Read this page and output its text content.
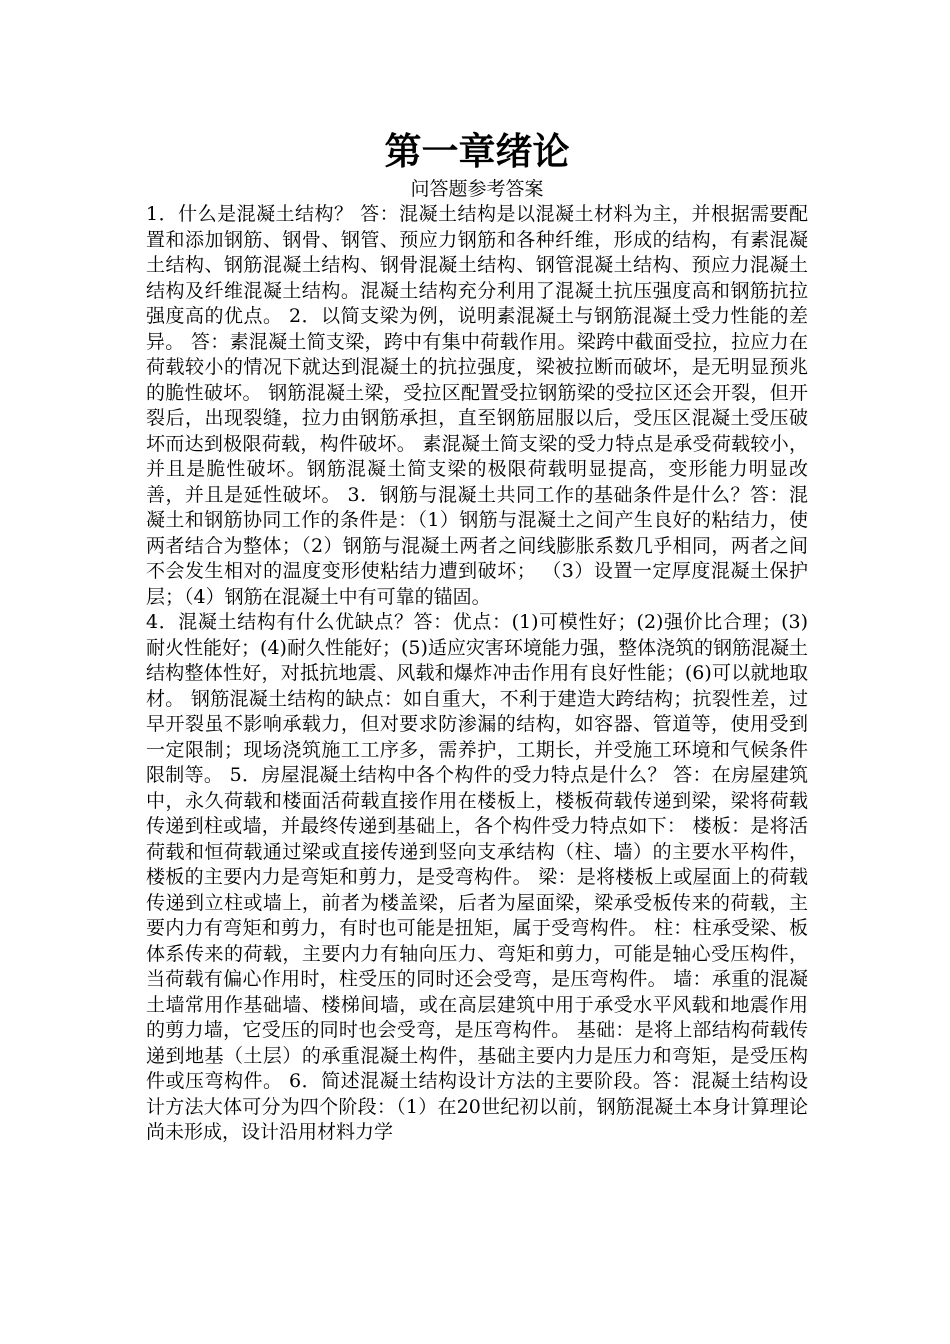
第一章绪论
问答题参考答案

1．什么是混凝土结构？ 答：混凝土结构是以混凝土材料为主，并根据需要配置和添加钢筋、钢骨、钢管、预应力钢筋和各种纤维，形成的结构，有素混凝土结构、钢筋混凝土结构、钢骨混凝土结构、钢管混凝土结构、预应力混凝土结构及纤维混凝土结构。混凝土结构充分利用了混凝土抗压强度高和钢筋抗拉强度高的优点。 2．以简支梁为例，说明素混凝土与钢筋混凝土受力性能的差异。 答：素混凝土简支梁，跨中有集中荷载作用。梁跨中截面受拉，拉应力在荷载较小的情况下就达到混凝土的抗拉强度，梁被拉断而破坏，是无明显预兆的脆性破坏。 钢筋混凝土梁，受拉区配置受拉钢筋梁的受拉区还会开裂，但开裂后，出现裂缝，拉力由钢筋承担，直至钢筋屈服以后，受压区混凝土受压破坏而达到极限荷载，构件破坏。 素混凝土简支梁的受力特点是承受荷载较小，并且是脆性破坏。钢筋混凝土简支梁的极限荷载明显提高，变形能力明显改善，并且是延性破坏。 3．钢筋与混凝土共同工作的基础条件是什么？答：混凝土和钢筋协同工作的条件是：（1）钢筋与混凝土之间产生良好的粘结力，使两者结合为整体；（2）钢筋与混凝土两者之间线膨胀系数几乎相同，两者之间不会发生相对的温度变形使粘结力遭到破坏； （3）设置一定厚度混凝土保护层；（4）钢筋在混凝土中有可靠的锚固。

4．混凝土结构有什么优缺点？答：优点：(1)可模性好；(2)强价比合理；(3)耐火性能好；(4)耐久性能好；(5)适应灾害环境能力强，整体浇筑的钢筋混凝土结构整体性好，对抵抗地震、风载和爆炸冲击作用有良好性能；(6)可以就地取材。 钢筋混凝土结构的缺点：如自重大，不利于建造大跨结构；抗裂性差，过早开裂虽不影响承载力，但对要求防渗漏的结构，如容器、管道等，使用受到一定限制；现场浇筑施工工序多，需养护，工期长，并受施工环境和气候条件限制等。 5．房屋混凝土结构中各个构件的受力特点是什么？ 答：在房屋建筑中，永久荷载和楼面活荷载直接作用在楼板上，楼板荷载传递到梁，梁将荷载传递到柱或墙，并最终传递到基础上，各个构件受力特点如下： 楼板：是将活荷载和恒荷载通过梁或直接传递到竖向支承结构（柱、墙）的主要水平构件，楼板的主要内力是弯矩和剪力，是受弯构件。 梁：是将楼板上或屋面上的荷载传递到立柱或墙上，前者为楼盖梁，后者为屋面梁，梁承受板传来的荷载，主要内力有弯矩和剪力，有时也可能是扭矩，属于受弯构件。 柱：柱承受梁、板体系传来的荷载，主要内力有轴向压力、弯矩和剪力，可能是轴心受压构件，当荷载有偏心作用时，柱受压的同时还会受弯，是压弯构件。 墙：承重的混凝土墙常用作基础墙、楼梯间墙，或在高层建筑中用于承受水平风载和地震作用的剪力墙，它受压的同时也会受弯，是压弯构件。 基础：是将上部结构荷载传递到地基（土层）的承重混凝土构件，基础主要内力是压力和弯矩，是受压构件或压弯构件。 6．简述混凝土结构设计方法的主要阶段。答：混凝土结构设计方法大体可分为四个阶段：（1）在20世纪初以前，钢筋混凝土本身计算理论尚未形成，设计沿用材料力学
